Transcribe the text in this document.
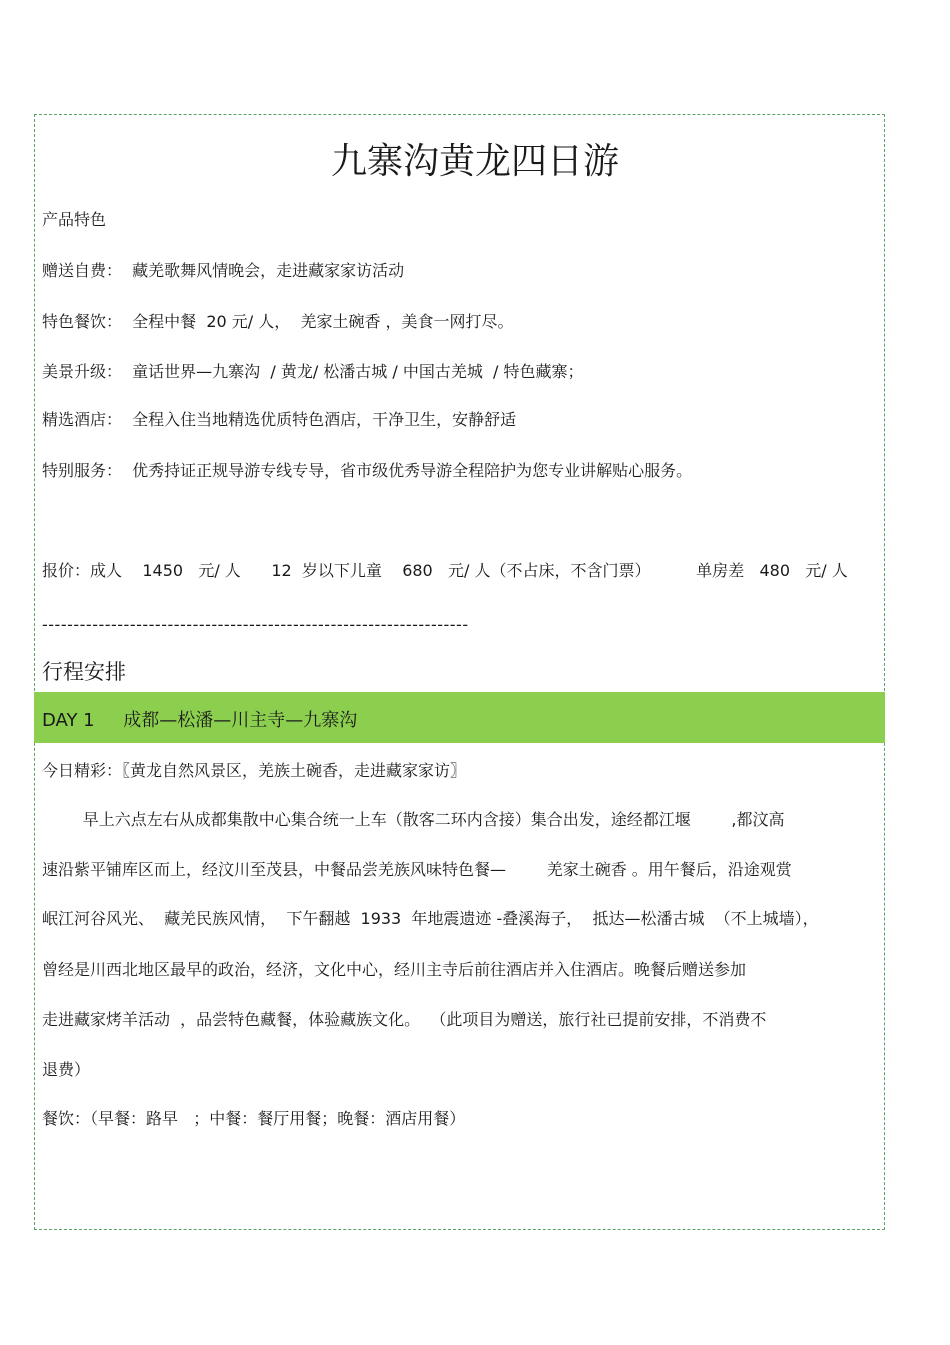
九寨沟黄龙四日游
产品特色
赠送自费：  藏羌歌舞风情晚会，走进藏家家访活动
特色餐饮：  全程中餐  20 元/ 人，  羌家土碗香 ，美食一网打尽。
美景升级：  童话世界—九寨沟  / 黄龙/ 松潘古城 / 中国古羌城  / 特色藏寨；
精选酒店：  全程入住当地精选优质特色酒店，干净卫生，安静舒适
特别服务：  优秀持证正规导游专线专导，省市级优秀导游全程陪护为您专业讲解贴心服务。
报价：成人    1450   元/ 人      12  岁以下儿童    680   元/ 人（不占床，不含门票）         单房差   480   元/ 人
--------------------------------------------------------------------
行程安排
DAY 1     成都—松潘—川主寺—九寨沟
今日精彩：〖黄龙自然风景区，羌族土碗香，走进藏家家访〗
早上六点左右从成都集散中心集合统一上车（散客二环内含接）集合出发，途经都江堰        ,都汶高
速沿紫平铺库区而上，经汶川至茂县，中餐品尝羌族风味特色餐—        羌家土碗香 。用午餐后，沿途观赏
岷江河谷风光、  藏羌民族风情，  下午翻越  1933  年地震遗迹 -叠溪海子，  抵达—松潘古城  （不上城墙），
曾经是川西北地区最早的政治，经济，文化中心，经川主寺后前往酒店并入住酒店。晚餐后赠送参加
走进藏家烤羊活动  ，品尝特色藏餐，体验藏族文化。  （此项目为赠送，旅行社已提前安排，不消费不
退费）
餐饮：（早餐：路早   ；中餐：餐厅用餐；晚餐：酒店用餐）
